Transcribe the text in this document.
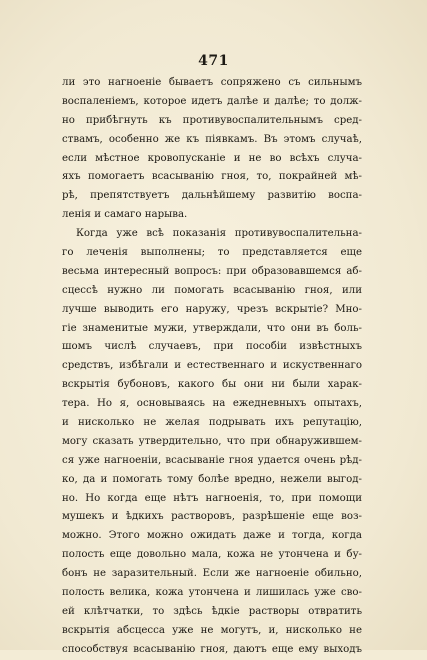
471
ли это нагноеніе бываетъ сопряжено съ сильнымъ
воспаленіемъ, которое идетъ далѣе и далѣе; то долж-
но прибѣгнуть къ противувоспалительнымъ сред-
ствамъ, особенно же къ піявкамъ. Въ этомъ случаѣ,
если мѣстное кровопусканіе и не во всѣхъ случа-
яхъ помогаетъ всасыванію гноя, то, покрайней мѣ-
рѣ, препятствуетъ дальнѣйшему развитію воспа-
ленія и самаго нарыва.
Когда уже всѣ показанія противувоспалительна-
го леченія выполнены; то представляется еще
весьма интересный вопросъ: при образовавшемся аб-
сцессѣ нужно ли помогать всасыванію гноя, или
лучше выводить его наружу, чрезъ вскрытіе? Мно-
гіе знаменитые мужи, утверждали, что они въ боль-
шомъ числѣ случаевъ, при пособіи извѣстныхъ
средствъ, избѣгали и естественнаго и искуственнаго
вскрытія бубоновъ, какого бы они ни были харак-
тера. Но я, основываясь на ежедневныхъ опытахъ,
и нисколько не желая подрывать ихъ репутацію,
могу сказать утвердительно, что при обнаружившем-
ся уже нагноеніи, всасываніе гноя удается очень рѣд-
ко, да и помогать тому болѣе вредно, нежели выгод-
но. Но когда еще нѣтъ нагноенія, то, при помощи
мушекъ и ѣдкихъ растворовъ, разрѣшеніе еще воз-
можно. Этого можно ожидать даже и тогда, когда
полость еще довольно мала, кожа не утончена и бу-
бонъ не заразительный. Если же нагноеніе обильно,
полость велика, кожа утончена и лишилась уже сво-
ей клѣтчатки, то здѣсь ѣдкіе растворы отвратить
вскрытія абсцесса уже не могутъ, и, нисколько не
способствуя всасыванію гноя, даютъ еще ему выходъ
